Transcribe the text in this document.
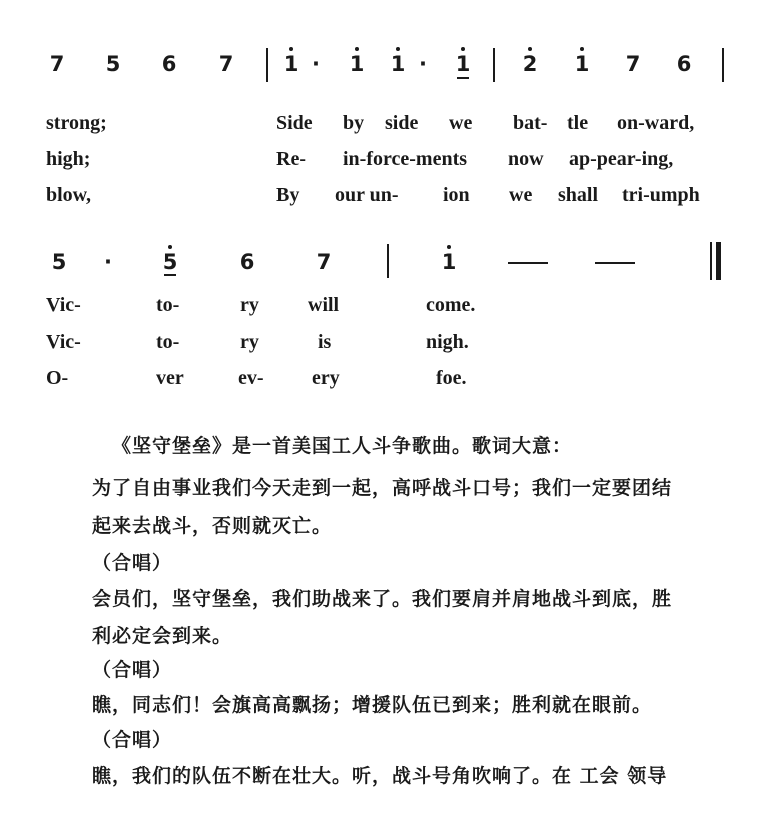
7 5 6 7 1 · 1 1 · 1 2 1 7 6
strong;	Side by side we bat- tle on-ward,
high;	Re- in-force-ments now ap-pear-ing,
blow,	By our un- ion we shall tri-umph
5 · 5	6	7	1
Vic-	to-	ry will	come.
Vic-	to-	ry	is	nigh.
O-	ver	ev- ery	foe.
《坚守堡垒》是一首美国工人斗争歌曲。歌词大意：
为了自由事业我们今天走到一起，高呼战斗口号；我们一定要团结
起来去战斗，否则就灭亡。
（合唱）
会员们，坚守堡垒，我们助战来了。我们要肩并肩地战斗到底，胜
利必定会到来。
（合唱）
瞧，同志们！会旗高高飘扬；增援队伍已到来；胜利就在眼前。
（合唱）
瞧，我们的队伍不断在壮大。听，战斗号角吹响了。在 工会 领导
